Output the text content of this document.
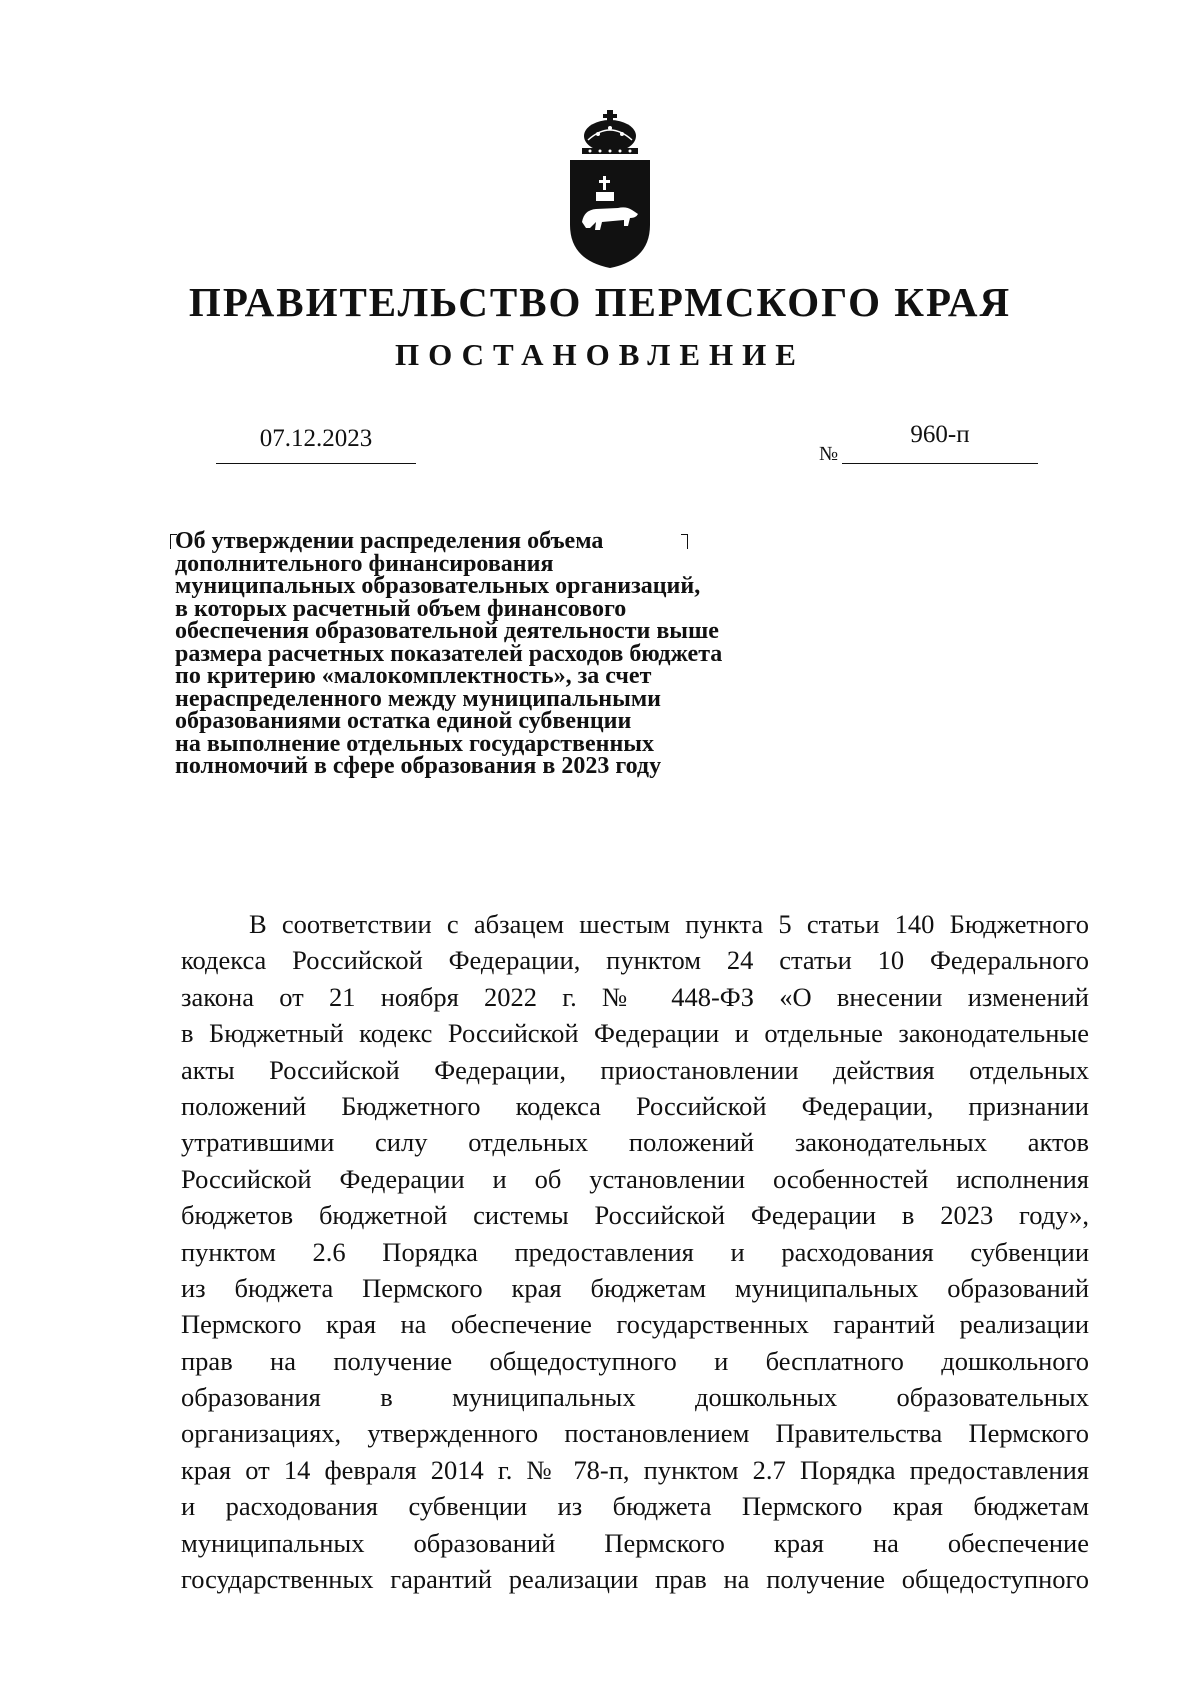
ПРАВИТЕЛЬСТВО ПЕРМСКОГО КРАЯ
ПОСТАНОВЛЕНИЕ
07.12.2023
№
960-п
Об утверждении распределения объема
дополнительного финансирования
муниципальных образовательных организаций,
в которых расчетный объем финансового
обеспечения образовательной деятельности выше
размера расчетных показателей расходов бюджета
по критерию «малокомплектность», за счет
нераспределенного между муниципальными
образованиями остатка единой субвенции
на выполнение отдельных государственных
полномочий в сфере образования в 2023 году
В соответствии с абзацем шестым пункта 5 статьи 140 Бюджетного
кодекса Российской Федерации, пунктом 24 статьи 10 Федерального
закона от 21 ноября 2022 г. № 448-ФЗ «О внесении изменений
в Бюджетный кодекс Российской Федерации и отдельные законодательные
акты Российской Федерации, приостановлении действия отдельных
положений Бюджетного кодекса Российской Федерации, признании
утратившими силу отдельных положений законодательных актов
Российской Федерации и об установлении особенностей исполнения
бюджетов бюджетной системы Российской Федерации в 2023 году»,
пунктом 2.6 Порядка предоставления и расходования субвенции
из бюджета Пермского края бюджетам муниципальных образований
Пермского края на обеспечение государственных гарантий реализации
прав на получение общедоступного и бесплатного дошкольного
образования в муниципальных дошкольных образовательных
организациях, утвержденного постановлением Правительства Пермского
края от 14 февраля 2014 г. № 78-п, пунктом 2.7 Порядка предоставления
и расходования субвенции из бюджета Пермского края бюджетам
муниципальных образований Пермского края на обеспечение
государственных гарантий реализации прав на получение общедоступного
